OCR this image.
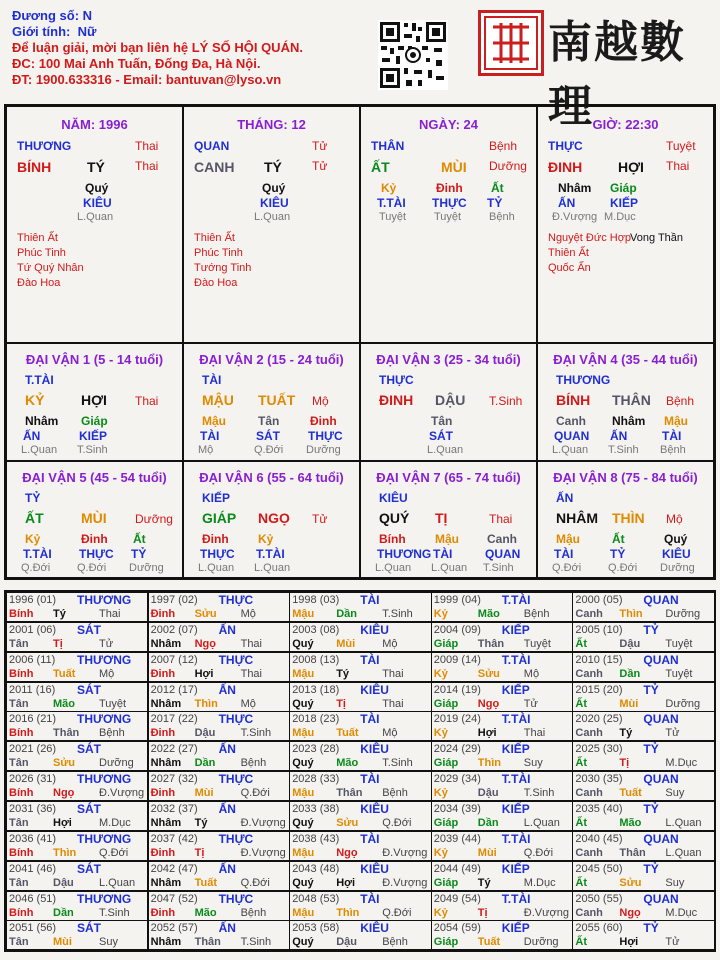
Đương số: N
Giới tính: Nữ
Để luận giải, mời bạn liên hệ LÝ SỐ HỘI QUÁN.
ĐC: 100 Mai Anh Tuấn, Đống Đa, Hà Nội.
ĐT: 1900.633316 - Email: bantuvan@lyso.vn
南越數理
NĂM: 1996
THƯƠNG	Thai
BÍNH	TÝ	Thai
Quý
KIÊU
L.Quan
Thiên Ất
Phúc Tinh
Tứ Quý Nhân
Đào Hoa
THÁNG: 12
QUAN	Tử
CANH TÝ	Tử
Quý
KIÊU
L.Quan
Thiên Ất
Phúc Tinh
Tướng Tinh
Đào Hoa
NGÀY: 24
THÂN	Bệnh
ẤT	MÙI Dưỡng
Kỷ
T.TÀI
Tuyệt
Đinh
THỰC
Tuyệt
Ất
TỶ
Bệnh
GIỜ: 22:30
THỰC	Tuyệt
ĐINH	HỢI Thai
Nhâm
ẤN
Đ.Vượng
Giáp
KIẾP
M.Dục
Nguyệt Đức Hợp
Vong Thần
Thiên Ất
Quốc Ấn
ĐẠI VẬN 1 (5 - 14 tuổi)
T.TÀI
KỶ	HỢI Thai
Nhâm
ẤN
L.Quan
Giáp
KIẾP
T.Sinh
ĐẠI VẬN 2 (15 - 24 tuổi)
TÀI
MẬU TUẤT Mộ
Mậu
TÀI
Mộ
Tân
SÁT
Q.Đới
Đinh
THỰC
Dưỡng
ĐẠI VẬN 3 (25 - 34 tuổi)
THỰC
ĐINH DẬU T.Sinh
Tân
SÁT
L.Quan
ĐẠI VẬN 4 (35 - 44 tuổi)
THƯƠNG
BÍNH THÂN Bệnh
Canh
QUAN
L.Quan
Nhâm
ẤN
T.Sinh
Mậu
TÀI
Bệnh
ĐẠI VẬN 5 (45 - 54 tuổi)
TỶ
ẤT	MÙI Dưỡng
Kỷ
T.TÀI
Q.Đới
Đinh
THỰC
Q.Đới
Ất
TỶ
Dưỡng
ĐẠI VẬN 6 (55 - 64 tuổi)
KIẾP
GIÁP NGỌ Tử
Đinh
THỰC
L.Quan
Kỷ
T.TÀI
L.Quan
ĐẠI VẬN 7 (65 - 74 tuổi)
KIÊU
QUÝ TỊ	Thai
Bính
THƯƠNG
L.Quan
Mậu
TÀI
L.Quan
Canh
QUAN
T.Sinh
ĐẠI VẬN 8 (75 - 84 tuổi)
ẤN
NHÂM THÌN Mộ
Mậu
TÀI
Q.Đới
Ất
TỶ
Q.Đới
Quý
KIÊU
Dưỡng
1996 (01) THƯƠNG
Bính Tý	Thai
1997 (02) THỰC
Đinh Sửu Mộ
1998 (03) TÀI
Mậu Dần T.Sinh
1999 (04) T.TÀI
Kỷ	Mão Bệnh
2000 (05) QUAN
Canh Thìn Dưỡng
2001 (06) SÁT
Tân Tị	Tử
2002 (07) ẤN
Nhâm Ngọ Thai
2003 (08) KIÊU
Quý Mùi Mộ
2004 (09) KIẾP
Giáp Thân Tuyệt
2005 (10) TỶ
Ất	Dậu Tuyệt
2006 (11) THƯƠNG
Bính Tuất Mộ
2007 (12) THỰC
Đinh Hợi Thai
2008 (13) TÀI
Mậu Tý	Thai
2009 (14) T.TÀI
Kỷ	Sửu Mộ
2010 (15) QUAN
Canh Dần Tuyệt
2011 (16) SÁT
Tân Mão Tuyệt
2012 (17) ẤN
Nhâm Thìn Mộ
2013 (18) KIÊU
Quý Tị	Thai
2014 (19) KIẾP
Giáp Ngọ Tử
2015 (20) TỶ
Ất	Mùi Dưỡng
2016 (21) THƯƠNG
Bính Thân Bệnh
2017 (22) THỰC
Đinh Dậu T.Sinh
2018 (23) TÀI
Mậu Tuất Mộ
2019 (24) T.TÀI
Kỷ	Hợi Thai
2020 (25) QUAN
Canh Tý	Tử
2021 (26) SÁT
Tân Sửu Dưỡng
2022 (27) ẤN
Nhâm Dần Bệnh
2023 (28) KIÊU
Quý Mão T.Sinh
2024 (29) KIẾP
Giáp Thìn Suy
2025 (30) TỶ
Ất	Tị	M.Dục
2026 (31) THƯƠNG
Bính Ngọ Đ.Vượng
2027 (32) THỰC
Đinh Mùi Q.Đới
2028 (33) TÀI
Mậu Thân Bệnh
2029 (34) T.TÀI
Kỷ	Dậu T.Sinh
2030 (35) QUAN
Canh Tuất Suy
2031 (36) SÁT
Tân Hợi M.Dục
2032 (37) ẤN
Nhâm Tý	Đ.Vượng
2033 (38) KIÊU
Quý Sửu Q.Đới
2034 (39) KIẾP
Giáp Dần L.Quan
2035 (40) TỶ
Ất	Mão L.Quan
2036 (41) THƯƠNG
Bính Thìn Q.Đới
2037 (42) THỰC
Đinh Tị	Đ.Vượng
2038 (43) TÀI
Mậu Ngọ Đ.Vượng
2039 (44) T.TÀI
Kỷ	Mùi Q.Đới
2040 (45) QUAN
Canh Thân L.Quan
2041 (46) SÁT
Tân Dậu L.Quan
2042 (47) ẤN
Nhâm Tuất Q.Đới
2043 (48) KIÊU
Quý Hợi Đ.Vượng
2044 (49) KIẾP
Giáp Tý	M.Dục
2045 (50) TỶ
Ất	Sửu Suy
2046 (51) THƯƠNG
Bính Dần T.Sinh
2047 (52) THỰC
Đinh Mão Bệnh
2048 (53) TÀI
Mậu Thìn Q.Đới
2049 (54) T.TÀI
Kỷ	Tị	Đ.Vượng
2050 (55) QUAN
Canh Ngọ M.Dục
2051 (56) SÁT
Tân Mùi Suy
2052 (57) ẤN
Nhâm Thân T.Sinh
2053 (58) KIÊU
Quý Dậu Bệnh
2054 (59) KIẾP
Giáp Tuất Dưỡng
2055 (60) TỶ
Ất	Hợi Tử
